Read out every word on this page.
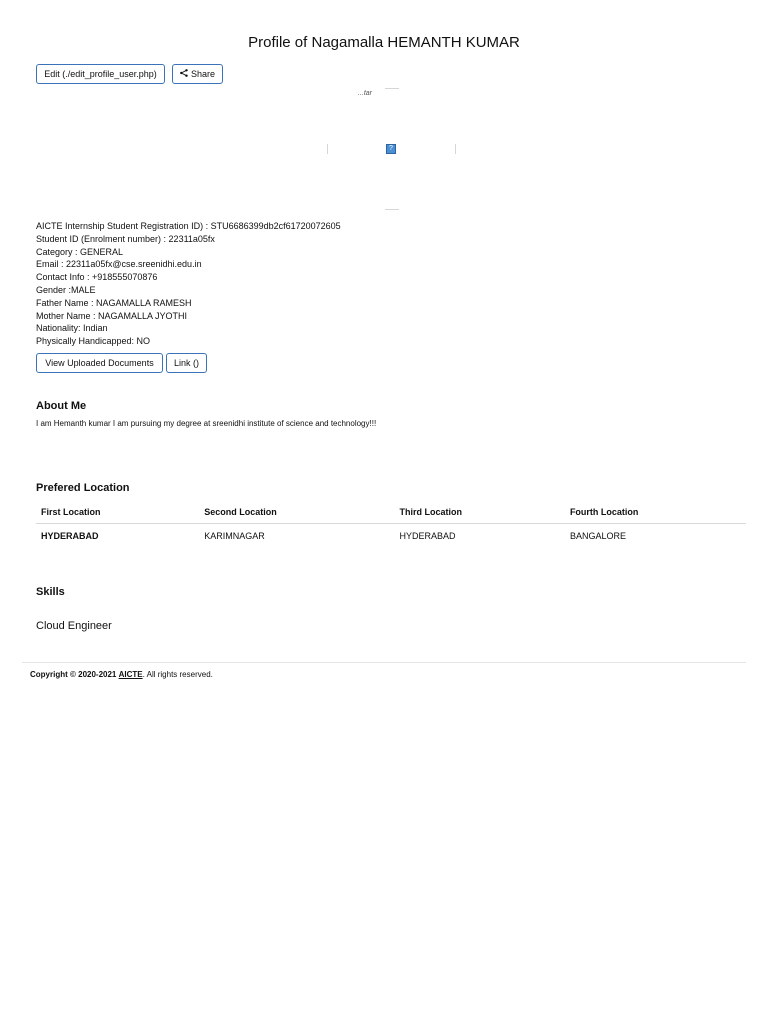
Profile of Nagamalla HEMANTH KUMAR
Edit (./edit_profile_user.php)	Share
...tar
?
AICTE Internship Student Registration ID) : STU6686399db2cf61720072605
Student ID (Enrolment number) : 22311a05fx
Category : GENERAL
Email : 22311a05fx@cse.sreenidhi.edu.in
Contact Info : +918555070876
Gender :MALE
Father Name : NAGAMALLA RAMESH
Mother Name : NAGAMALLA JYOTHI
Nationality: Indian
Physically Handicapped: NO
View Uploaded Documents Link ()
About Me
I am Hemanth kumar I am pursuing my degree at sreenidhi institute of science and technology!!!
Prefered Location
First Location	Second Location	Third Location	Fourth Location
HYDERABAD	KARIMNAGAR	HYDERABAD	BANGALORE
Skills
Cloud Engineer
Copyright © 2020-2021 AICTE. All rights reserved.
